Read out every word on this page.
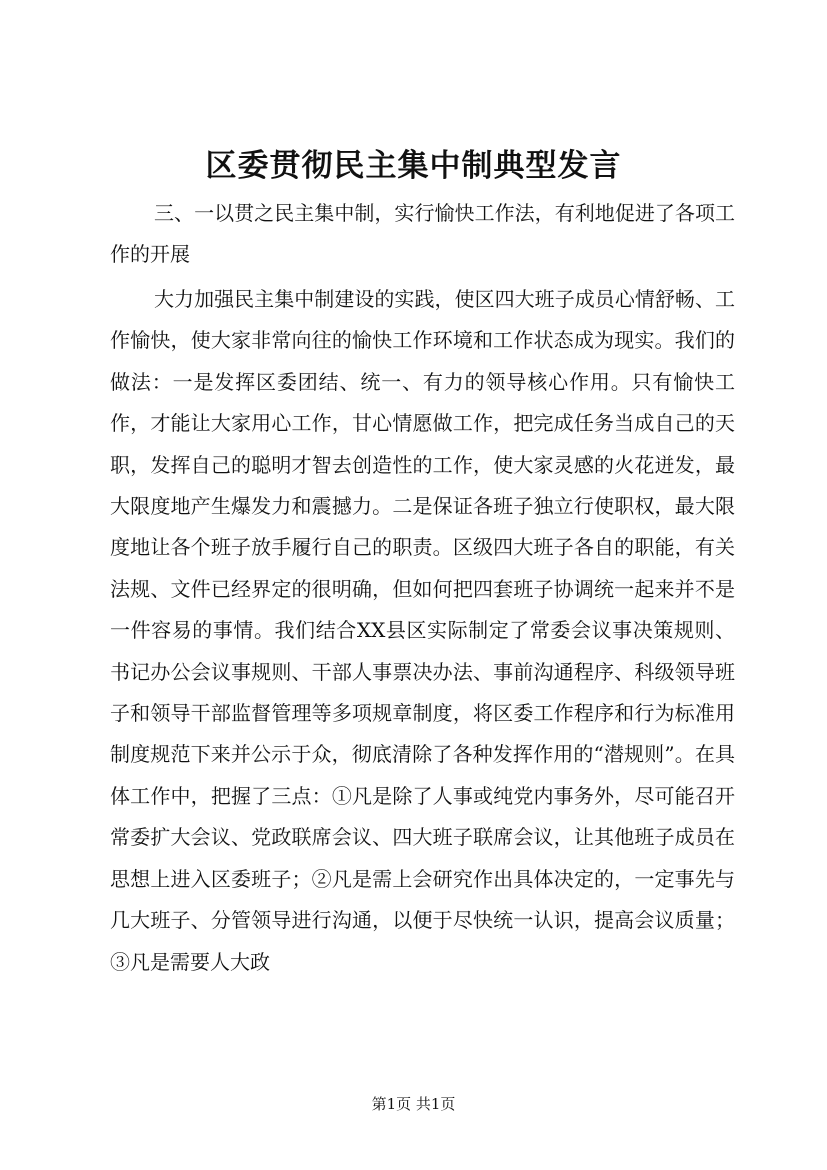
区委贯彻民主集中制典型发言

三、一以贯之民主集中制，实行愉快工作法，有利地促进了各项工作的开展

大力加强民主集中制建设的实践，使区四大班子成员心情舒畅、工作愉快，使大家非常向往的愉快工作环境和工作状态成为现实。我们的做法：一是发挥区委团结、统一、有力的领导核心作用。只有愉快工作，才能让大家用心工作，甘心情愿做工作，把完成任务当成自己的天职，发挥自己的聪明才智去创造性的工作，使大家灵感的火花迸发，最大限度地产生爆发力和震撼力。二是保证各班子独立行使职权，最大限度地让各个班子放手履行自己的职责。区级四大班子各自的职能，有关法规、文件已经界定的很明确，但如何把四套班子协调统一起来并不是一件容易的事情。我们结合XX县区实际制定了常委会议事决策规则、书记办公会议事规则、干部人事票决办法、事前沟通程序、科级领导班子和领导干部监督管理等多项规章制度，将区委工作程序和行为标准用制度规范下来并公示于众，彻底清除了各种发挥作用的“潜规则”。在具体工作中，把握了三点：①凡是除了人事或纯党内事务外，尽可能召开常委扩大会议、党政联席会议、四大班子联席会议，让其他班子成员在思想上进入区委班子；②凡是需上会研究作出具体决定的，一定事先与几大班子、分管领导进行沟通，以便于尽快统一认识，提高会议质量；③凡是需要人大政

第1页 共1页
